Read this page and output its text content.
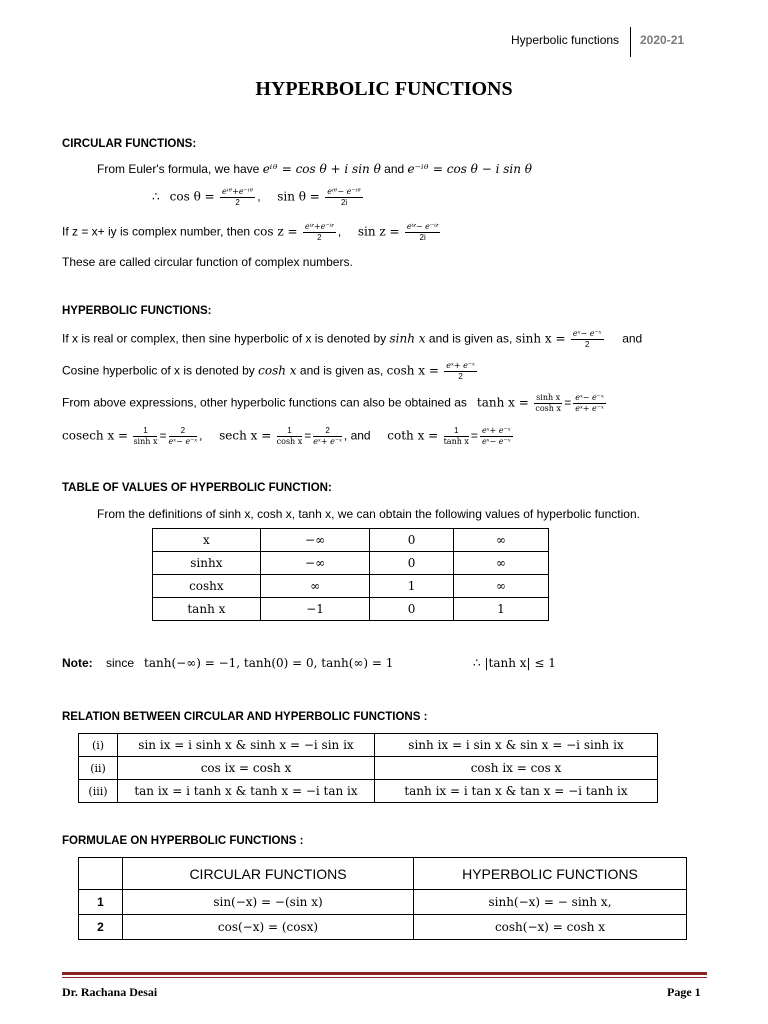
Hyperbolic functions 2020-21
HYPERBOLIC FUNCTIONS
CIRCULAR FUNCTIONS:
From Euler's formula, we have eⁱᶿ = cos θ + i sin θ and e⁻ⁱᶿ = cos θ − i sin θ
∴ $\cos \theta = \frac{\text{eⁱᶿ+e⁻ⁱᶿ}}{2}$ ,     $\sin \theta = \frac{\text{eⁱᶿ− e⁻ⁱᶿ}}{2i}$
If z = x+ iy is complex number, then $\cos z = \frac{\text{eⁱᶻ+e⁻ⁱᶻ}}{2}$ ,     $\sin z = \frac{\text{eⁱᶻ− e⁻ⁱᶻ}}{2i}$
These are called circular function of complex numbers.
HYPERBOLIC FUNCTIONS:
If x is real or complex, then sine hyperbolic of x is denoted by sinh x and is given as, $\sinh x = \frac{\text{eˣ− e⁻ˣ}}{2}$ and
Cosine hyperbolic of x is denoted by cosh x and is given as, $\cosh x = \frac{\text{eˣ+ e⁻ˣ}}{2}$
From above expressions, other hyperbolic functions can also be obtained as $\tanh x = \frac{\text{sinh x}}{\text{cosh x}} = \frac{\text{eˣ− e⁻ˣ}}{\text{eˣ+ e⁻ˣ}}$
cosech $x = \frac{1}{\text{sinh x}} = \frac{2}{\text{eˣ− e⁻ˣ}}$ ,     sech $x = \frac{1}{\text{cosh x}} = \frac{2}{\text{eˣ+ e⁻ˣ}}$ , and coth $x = \frac{1}{\text{tanh x}} = \frac{\text{eˣ+ e⁻ˣ}}{\text{eˣ− e⁻ˣ}}$
TABLE OF VALUES OF HYPERBOLIC FUNCTION:
From the definitions of sinh x, cosh x, tanh x, we can obtain the following values of hyperbolic function.
x	−∞	0	∞
sinhx	−∞	0	∞
coshx	∞	1	∞
tanh x	−1	0	1
Note: since tanh(−∞) = −1, tanh(0) = 0, tanh(∞) = 1	∴ |tanh x| ≤ 1
RELATION BETWEEN CIRCULAR AND HYPERBOLIC FUNCTIONS :
(i)	sin ix = i sinh x & sinh x = −i sin ix	sinh ix = i sin x & sin x = −i sinh ix
(ii)	cos ix = cosh x	cosh ix = cos x
(iii)	tan ix = i tanh x & tanh x = −i tan ix	tanh ix = i tan x & tan x = −i tanh ix
FORMULAE ON HYPERBOLIC FUNCTIONS :
	CIRCULAR FUNCTIONS	HYPERBOLIC FUNCTIONS
1	sin(−x) = −(sin x)	sinh(−x) = − sinh x,
2	cos(−x) = (cosx)	cosh(−x) = cosh x
Dr. Rachana Desai	Page 1
